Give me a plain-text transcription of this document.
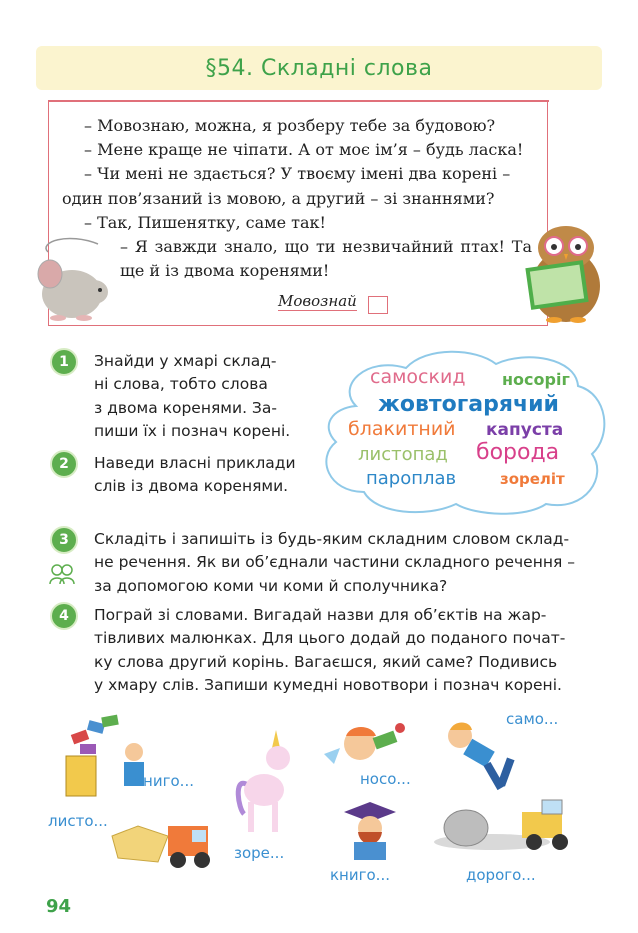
§54. Складні слова

– Мовознаю, можна, я розберу тебе за будовою?

– Мене краще не чіпати. А от моє ім’я – будь ласка!

– Чи мені не здається? У твоєму імені два корені – один пов’язаний із мовою, а другий – зі знаннями?

– Так, Пишенятку, саме так!

– Я завжди знало, що ти незвичайний птах! Та ще й із двома коренями!

Мовознай
1	Знайди у хмарі склад-
ні слова, тобто слова
з двома коренями. За-
пиши їх і познач корені.
2	Наведи власні приклади
слів із двома коренями.
самоскид носоріг
жовтогарячий
блакитний капуста
листопад борода
пароплав	зореліт
3	Складіть і запишіть із будь-яким складним словом склад-
не речення. Як ви об’єднали частини складного речення –
за допомогою коми чи коми й сполучника?
4	Пограй зі словами. Вигадай назви для об’єктів на жар-
тівливих малюнках. Для цього додай до поданого почат-
ку слова другий корінь. Вагаєшся, який саме? Подивись
у хмару слів. Запиши кумедні новотвори і познач корені.
книго...
зоре...
носо...
само...
листо...
книго...	дорого...
94
